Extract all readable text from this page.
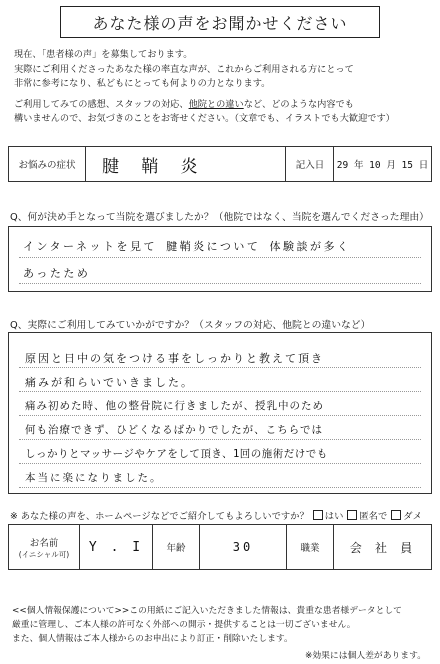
あなた様の声をお聞かせください
現在、「患者様の声」を募集しております。
実際にご利用くださったあなた様の率直な声が、これからご利用される方にとって
非常に参考になり、私どもにとっても何よりの力となります。
ご利用してみての感想、スタッフの対応、他院との違いなど、どのような内容でも
構いませんので、お気づきのことをお寄せください。（文章でも、イラストでも大歓迎です）
お悩みの症状 腱 鞘 炎	記入日 29 年 10 月 15 日
Q、何が決め手となって当院を選びましたか？（他院ではなく、当院を選んでくださった理由）
インターネットを見て 腱鞘炎について 体験談が多く
あったため
Q、実際にご利用してみていかがですか？（スタッフの対応、他院との違いなど）
原因と日中の気をつける事をしっかりと教えて頂き
痛みが和らいでいきました。
痛み初めた時、他の整骨院に行きましたが、授乳中のため
何も治療できず、ひどくなるばかりでしたが、こちらでは
しっかりとマッサージやケアをして頂き、1回の施術だけでも
本当に楽になりました。
※ あなた様の声を、ホームページなどでご紹介してもよろしいですか？ はい 匿名で ダメ
お名前
(イニシャル可) Y . I 年齢	30	職業	会 社 員
<<個人情報保護について>>この用紙にご記入いただきました情報は、貴重な患者様データとして
厳重に管理し、ご本人様の許可なく外部への開示・提供することは一切ございません。
また、個人情報はご本人様からのお申出により訂正・削除いたします。
※効果には個人差があります。
